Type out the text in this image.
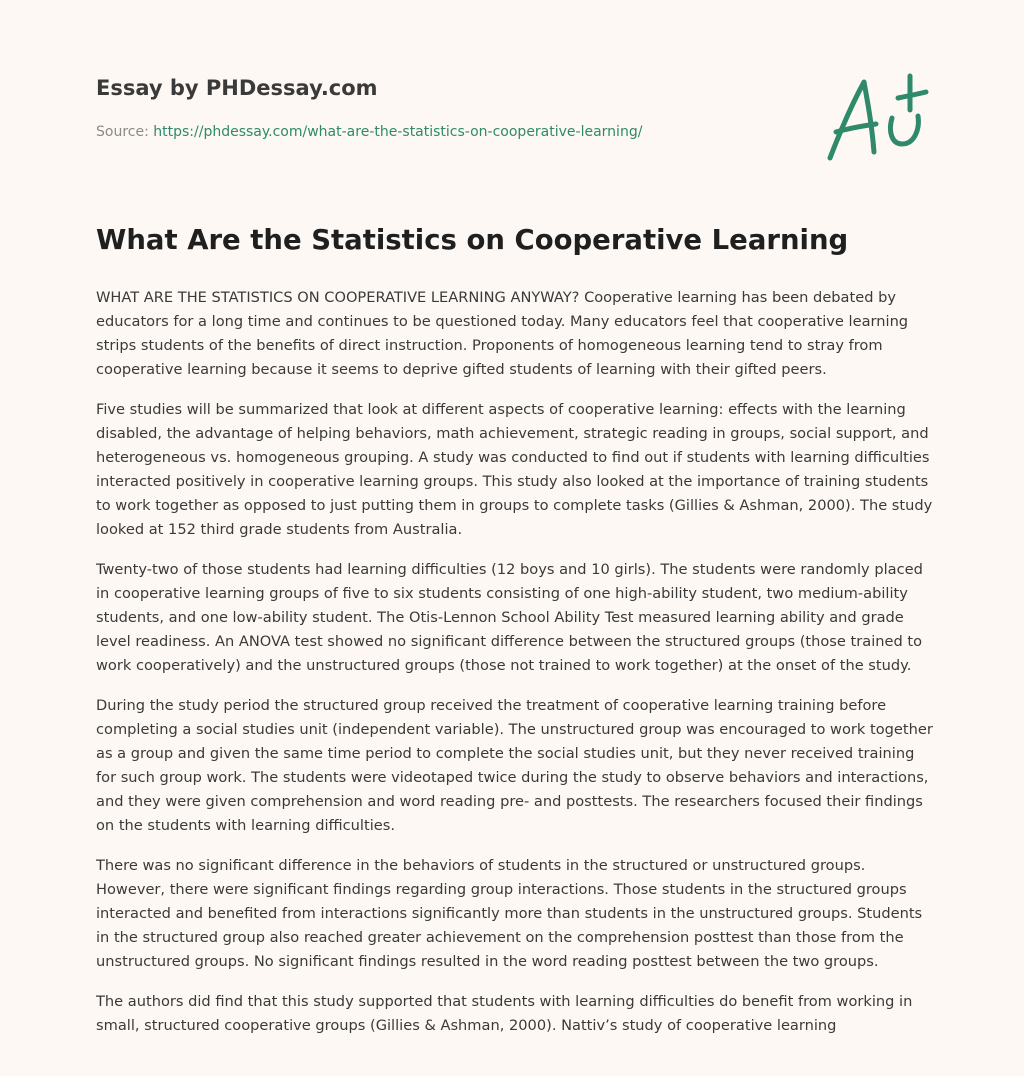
Essay by PHDessay.com
Source: https://phdessay.com/what-are-the-statistics-on-cooperative-learning/
What Are the Statistics on Cooperative Learning

WHAT ARE THE STATISTICS ON COOPERATIVE LEARNING ANYWAY? Cooperative learning has been debated by educators for a long time and continues to be questioned today. Many educators feel that cooperative learning strips students of the benefits of direct instruction. Proponents of homogeneous learning tend to stray from cooperative learning because it seems to deprive gifted students of learning with their gifted peers.

Five studies will be summarized that look at different aspects of cooperative learning: effects with the learning disabled, the advantage of helping behaviors, math achievement, strategic reading in groups, social support, and heterogeneous vs. homogeneous grouping. A study was conducted to find out if students with learning difficulties interacted positively in cooperative learning groups. This study also looked at the importance of training students to work together as opposed to just putting them in groups to complete tasks (Gillies & Ashman, 2000). The study looked at 152 third grade students from Australia.

Twenty-two of those students had learning difficulties (12 boys and 10 girls). The students were randomly placed in cooperative learning groups of five to six students consisting of one high-ability student, two medium-ability students, and one low-ability student. The Otis-Lennon School Ability Test measured learning ability and grade level readiness. An ANOVA test showed no significant difference between the structured groups (those trained to work cooperatively) and the unstructured groups (those not trained to work together) at the onset of the study.

During the study period the structured group received the treatment of cooperative learning training before completing a social studies unit (independent variable). The unstructured group was encouraged to work together as a group and given the same time period to complete the social studies unit, but they never received training for such group work. The students were videotaped twice during the study to observe behaviors and interactions, and they were given comprehension and word reading pre- and posttests. The researchers focused their findings on the students with learning difficulties.

There was no significant difference in the behaviors of students in the structured or unstructured groups. However, there were significant findings regarding group interactions. Those students in the structured groups interacted and benefited from interactions significantly more than students in the unstructured groups. Students in the structured group also reached greater achievement on the comprehension posttest than those from the unstructured groups. No significant findings resulted in the word reading posttest between the two groups.

The authors did find that this study supported that students with learning difficulties do benefit from working in small, structured cooperative groups (Gillies & Ashman, 2000). Nattiv’s study of cooperative learning
